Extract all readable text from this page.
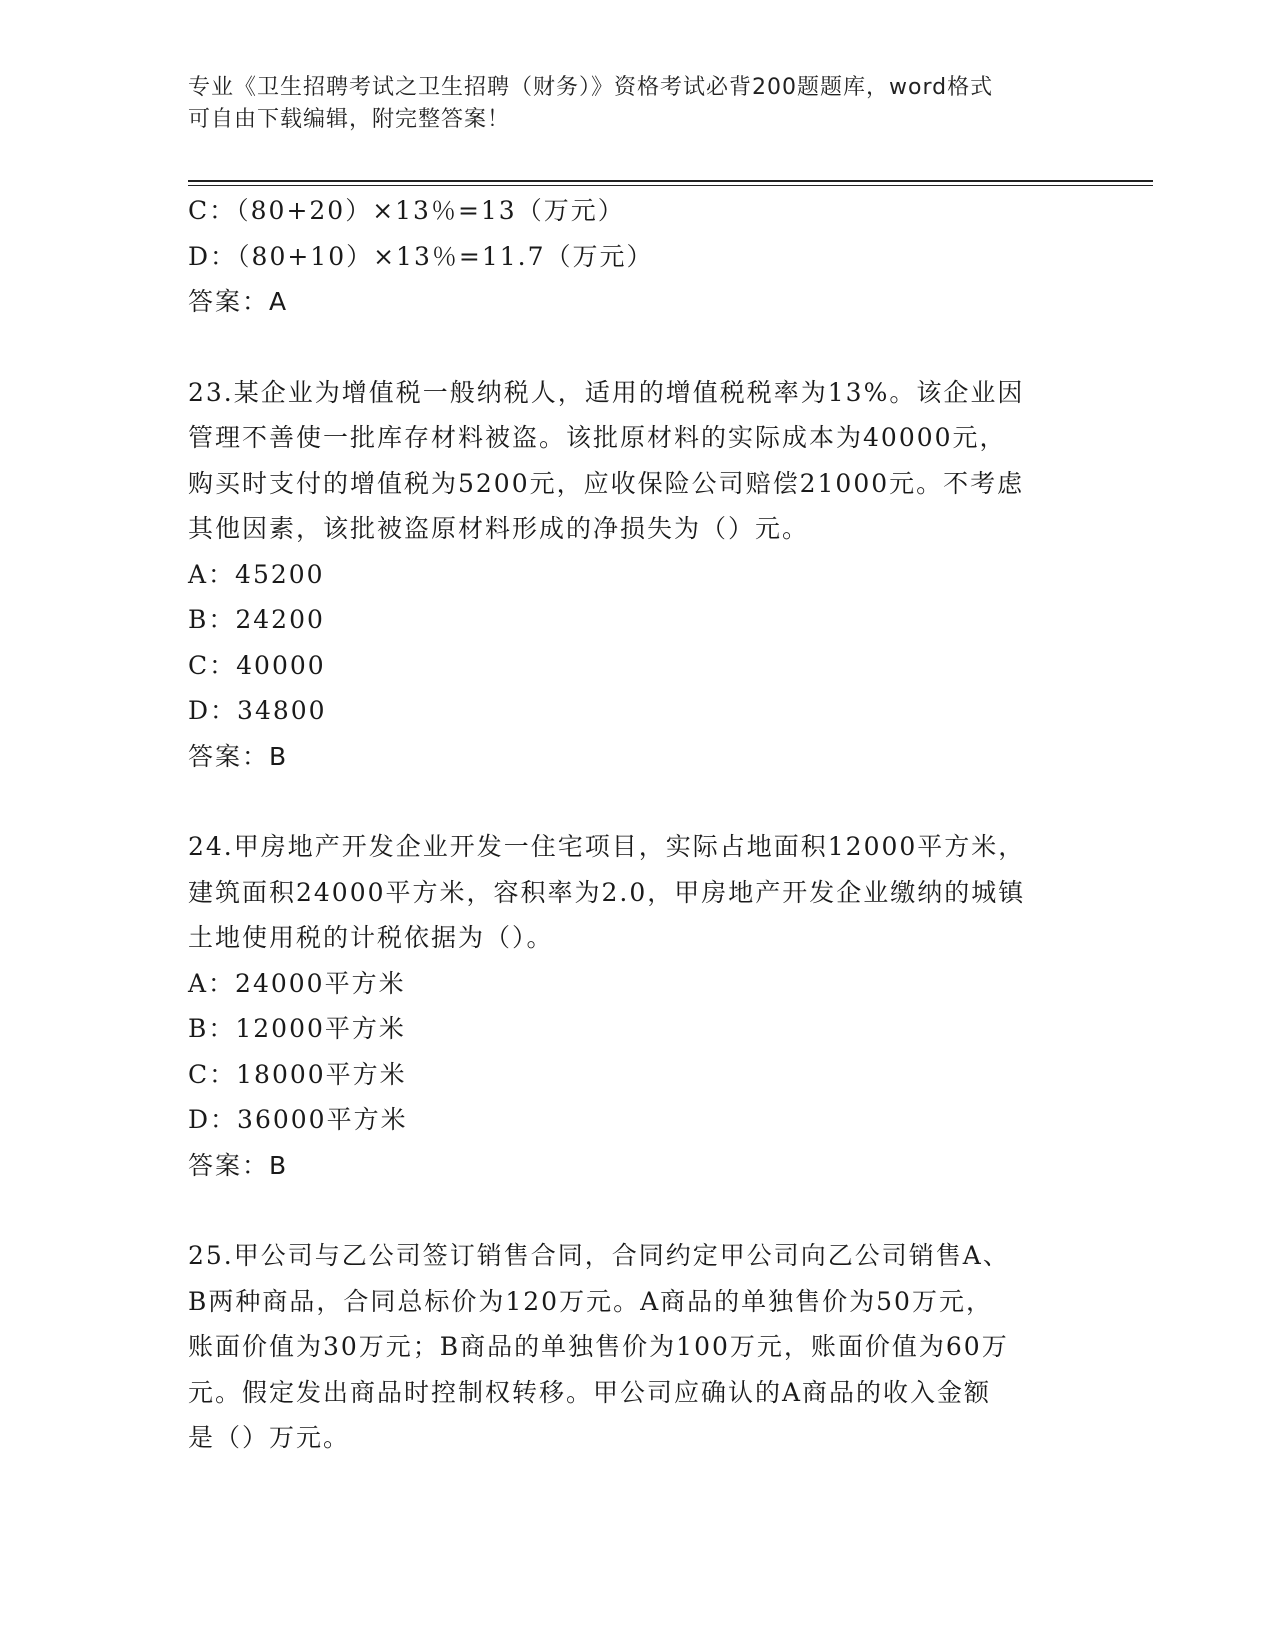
专业《卫生招聘考试之卫生招聘（财务）》资格考试必背200题题库，word格式
可自由下载编辑，附完整答案！
C：（80+20）×13％=13（万元）
D：（80+10）×13％=11.7（万元）
答案：A
23.某企业为增值税一般纳税人，适用的增值税税率为13%。该企业因
管理不善使一批库存材料被盗。该批原材料的实际成本为40000元，
购买时支付的增值税为5200元，应收保险公司赔偿21000元。不考虑
其他因素，该批被盗原材料形成的净损失为（）元。
A：45200
B：24200
C：40000
D：34800
答案：B
24.甲房地产开发企业开发一住宅项目，实际占地面积12000平方米，
建筑面积24000平方米，容积率为2.0，甲房地产开发企业缴纳的城镇
土地使用税的计税依据为（）。
A：24000平方米
B：12000平方米
C：18000平方米
D：36000平方米
答案：B
25.甲公司与乙公司签订销售合同，合同约定甲公司向乙公司销售A、
B两种商品，合同总标价为120万元。A商品的单独售价为50万元，
账面价值为30万元；B商品的单独售价为100万元，账面价值为60万
元。假定发出商品时控制权转移。甲公司应确认的A商品的收入金额
是（）万元。
